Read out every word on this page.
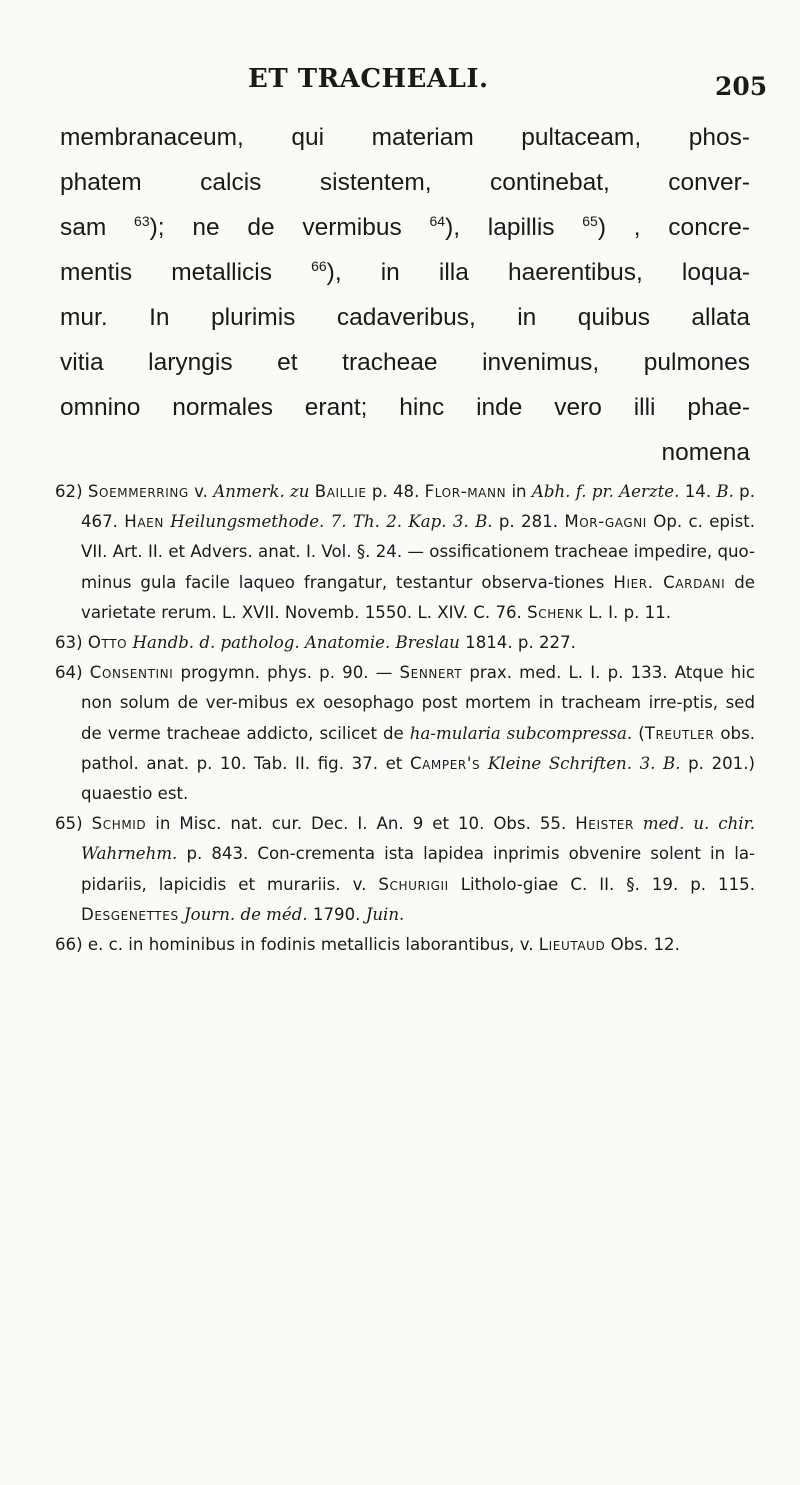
ET TRACHEALI.	205
membranaceum, qui materiam pultaceam, phos-
phatem calcis sistentem, continebat, conver-
sam $^{63}$); ne de vermibus $^{64}$), lapillis $^{65}$) , concre-
mentis metallicis $^{66}$), in illa haerentibus, loqua-
mur. In plurimis cadaveribus, in quibus allata
vitia laryngis et tracheae invenimus, pulmones
omnino normales erant; hinc inde vero illi phae-
nomena

62) Soemmerring v. Anmerk. zu Baillie p. 48. Flor-mann in Abh. f. pr. Aerzte. 14. B. p. 467. Haen Heilungsmethode. 7. Th. 2. Kap. 3. B. p. 281. Mor-gagni Op. c. epist. VII. Art. II. et Advers. anat. I. Vol. §. 24. — ossificationem tracheae impedire, quo-minus gula facile laqueo frangatur, testantur observa-tiones Hier. Cardani de varietate rerum. L. XVII. Novemb. 1550. L. XIV. C. 76. Schenk L. I. p. 11.

63) Otto Handb. d. patholog. Anatomie. Breslau 1814. p. 227.

64) Consentini progymn. phys. p. 90. — Sennert prax. med. L. I. p. 133. Atque hic non solum de ver-mibus ex oesophago post mortem in tracheam irre-ptis, sed de verme tracheae addicto, scilicet de ha-mularia subcompressa. (Treutler obs. pathol. anat. p. 10. Tab. II. fig. 37. et Camper's Kleine Schriften. 3. B. p. 201.) quaestio est.

65) Schmid in Misc. nat. cur. Dec. I. An. 9 et 10. Obs. 55. Heister med. u. chir. Wahrnehm. p. 843. Con-crementa ista lapidea inprimis obvenire solent in la-pidariis, lapicidis et murariis. v. Schurigii Litholo-giae C. II. §. 19. p. 115. Desgenettes Journ. de méd. 1790. Juin.

66) e. c. in hominibus in fodinis metallicis laborantibus, v. Lieutaud Obs. 12.
